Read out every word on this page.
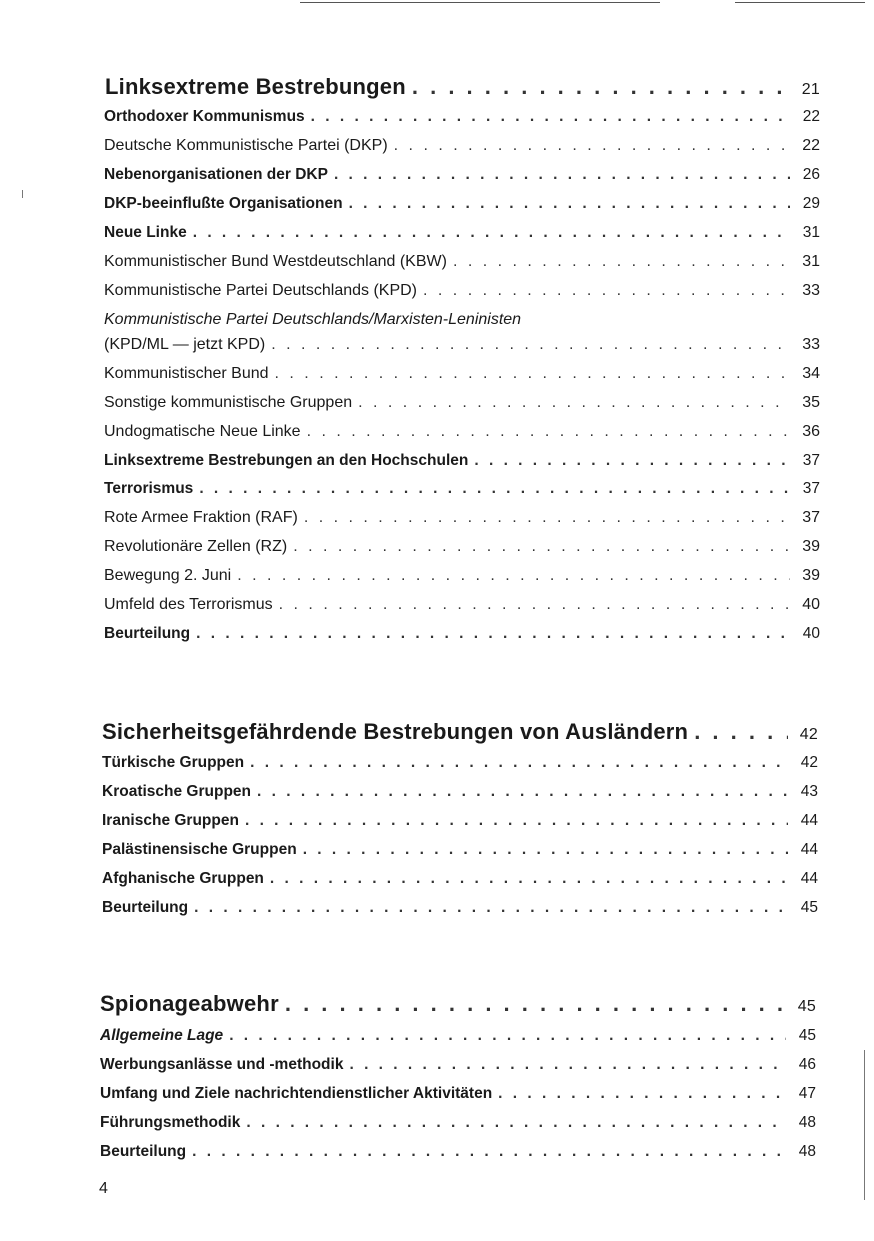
Linksextreme Bestrebungen . . .	21
Orthodoxer Kommunismus . . .	22
Deutsche Kommunistische Partei (DKP) . . .	22
Nebenorganisationen der DKP . . .	26
DKP-beeinflußte Organisationen . . .	29
Neue Linke . . .	31
Kommunistischer Bund Westdeutschland (KBW) . . .	31
Kommunistische Partei Deutschlands (KPD) . . .	33
Kommunistische Partei Deutschlands/Marxisten-Leninisten
(KPD/ML — jetzt KPD) . . .	33
Kommunistischer Bund . . .	34
Sonstige kommunistische Gruppen . . .	35
Undogmatische Neue Linke . . .	36
Linksextreme Bestrebungen an den Hochschulen . . .	37
Terrorismus . . .	37
Rote Armee Fraktion (RAF) . . .	37
Revolutionäre Zellen (RZ) . . .	39
Bewegung 2. Juni . . .	39
Umfeld des Terrorismus . . .	40
Beurteilung . . .	40
Sicherheitsgefährdende Bestrebungen von Ausländern . . .	42
Türkische Gruppen . . .	42
Kroatische Gruppen . . .	43
Iranische Gruppen . . .	44
Palästinensische Gruppen . . .	44
Afghanische Gruppen . . .	44
Beurteilung . . .	45
Spionageabwehr . . .	45
Allgemeine Lage . . .	45
Werbungsanlässe und -methodik . . .	46
Umfang und Ziele nachrichtendienstlicher Aktivitäten . . .	47
Führungsmethodik . . .	48
Beurteilung . . .	48
4
